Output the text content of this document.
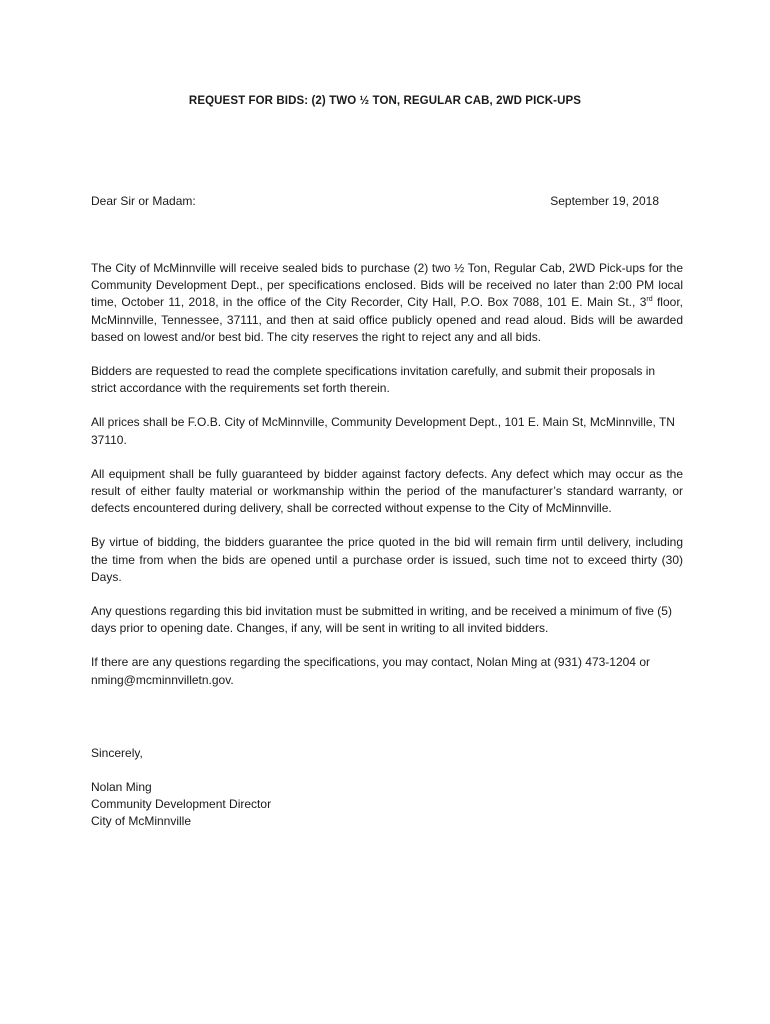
REQUEST FOR BIDS: (2) TWO ½ TON, REGULAR CAB, 2WD PICK-UPS
Dear Sir or Madam:	September 19, 2018

The City of McMinnville will receive sealed bids to purchase (2) two ½ Ton, Regular Cab, 2WD Pick-ups for the Community Development Dept., per specifications enclosed. Bids will be received no later than 2:00 PM local time, October 11, 2018, in the office of the City Recorder, City Hall, P.O. Box 7088, 101 E. Main St., 3rd floor, McMinnville, Tennessee, 37111, and then at said office publicly opened and read aloud. Bids will be awarded based on lowest and/or best bid. The city reserves the right to reject any and all bids.

Bidders are requested to read the complete specifications invitation carefully, and submit their proposals in strict accordance with the requirements set forth therein.

All prices shall be F.O.B. City of McMinnville, Community Development Dept., 101 E. Main St, McMinnville, TN 37110.

All equipment shall be fully guaranteed by bidder against factory defects. Any defect which may occur as the result of either faulty material or workmanship within the period of the manufacturer’s standard warranty, or defects encountered during delivery, shall be corrected without expense to the City of McMinnville.

By virtue of bidding, the bidders guarantee the price quoted in the bid will remain firm until delivery, including the time from when the bids are opened until a purchase order is issued, such time not to exceed thirty (30) Days.

Any questions regarding this bid invitation must be submitted in writing, and be received a minimum of five (5) days prior to opening date. Changes, if any, will be sent in writing to all invited bidders.

If there are any questions regarding the specifications, you may contact, Nolan Ming at (931) 473-1204 or nming@mcminnvilletn.gov.

Sincerely,
Nolan Ming
Community Development Director
City of McMinnville
